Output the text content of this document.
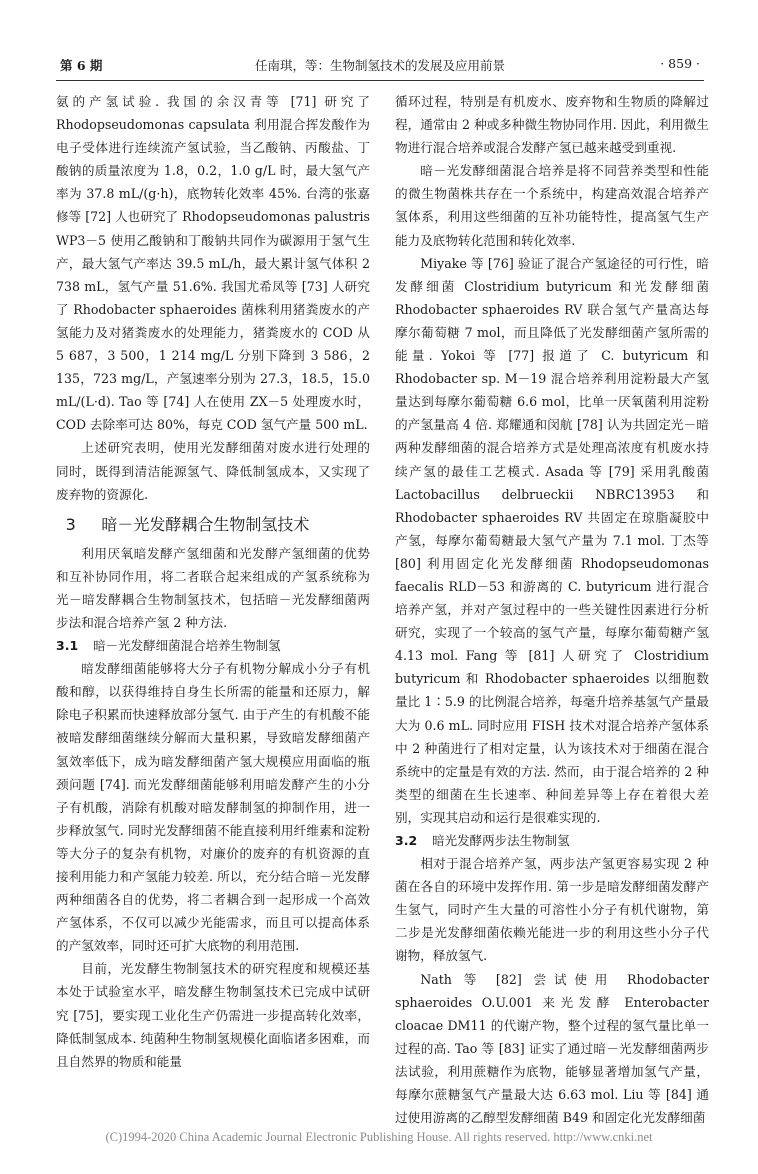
第 6 期	任南琪，等：生物制氢技术的发展及应用前景	· 859 ·

氨的产氢试验. 我国的余汉青等 [71] 研究了 Rhodopseudomonas capsulata 利用混合挥发酸作为电子受体进行连续流产氢试验，当乙酸钠、丙酸盐、丁酸钠的质量浓度为 1.8，0.2，1.0 g/L 时，最大氢气产率为 37.8 mL/(g·h)，底物转化效率 45%. 台湾的张嘉修等 [72] 人也研究了 Rhodopseudomonas palustris WP3－5 使用乙酸钠和丁酸钠共同作为碳源用于氢气生产，最大氢气产率达 39.5 mL/h，最大累计氢气体积 2 738 mL，氢气产量 51.6%. 我国尤希凤等 [73] 人研究了 Rhodobacter sphaeroides 菌株利用猪粪废水的产氢能力及对猪粪废水的处理能力，猪粪废水的 COD 从 5 687，3 500，1 214 mg/L 分别下降到 3 586，2 135，723 mg/L，产氢速率分别为 27.3，18.5，15.0 mL/(L·d). Tao 等 [74] 人在使用 ZX－5 处理废水时，COD 去除率可达 80%，每克 COD 氢气产量 500 mL.

上述研究表明，使用光发酵细菌对废水进行处理的同时，既得到清洁能源氢气、降低制氢成本，又实现了废弃物的资源化.

3 暗－光发酵耦合生物制氢技术

利用厌氧暗发酵产氢细菌和光发酵产氢细菌的优势和互补协同作用，将二者联合起来组成的产氢系统称为光－暗发酵耦合生物制氢技术，包括暗－光发酵细菌两步法和混合培养产氢 2 种方法.

3.1 暗－光发酵细菌混合培养生物制氢

暗发酵细菌能够将大分子有机物分解成小分子有机酸和醇，以获得维持自身生长所需的能量和还原力，解除电子积累而快速释放部分氢气. 由于产生的有机酸不能被暗发酵细菌继续分解而大量积累，导致暗发酵细菌产氢效率低下，成为暗发酵细菌产氢大规模应用面临的瓶颈问题 [74]. 而光发酵细菌能够利用暗发酵产生的小分子有机酸，消除有机酸对暗发酵制氢的抑制作用，进一步释放氢气. 同时光发酵细菌不能直接利用纤维素和淀粉等大分子的复杂有机物，对廉价的废弃的有机资源的直接利用能力和产氢能力较差. 所以，充分结合暗－光发酵两种细菌各自的优势，将二者耦合到一起形成一个高效产氢体系，不仅可以减少光能需求，而且可以提高体系的产氢效率，同时还可扩大底物的利用范围.

目前，光发酵生物制氢技术的研究程度和规模还基本处于试验室水平，暗发酵生物制氢技术已完成中试研究 [75]，要实现工业化生产仍需进一步提高转化效率，降低制氢成本. 纯菌种生物制氢规模化面临诸多困难，而且自然界的物质和能量

循环过程，特别是有机废水、废弃物和生物质的降解过程，通常由 2 种或多种微生物协同作用. 因此，利用微生物进行混合培养或混合发酵产氢已越来越受到重视.

暗－光发酵细菌混合培养是将不同营养类型和性能的微生物菌株共存在一个系统中，构建高效混合培养产氢体系，利用这些细菌的互补功能特性，提高氢气生产能力及底物转化范围和转化效率.

Miyake 等 [76] 验证了混合产氢途径的可行性，暗发酵细菌 Clostridium butyricum 和光发酵细菌 Rhodobacter sphaeroides RV 联合氢气产量高达每摩尔葡萄糖 7 mol，而且降低了光发酵细菌产氢所需的能量. Yokoi 等 [77] 报道了 C. butyricum 和 Rhodobacter sp. M－19 混合培养利用淀粉最大产氢量达到每摩尔葡萄糖 6.6 mol，比单一厌氧菌利用淀粉的产氢量高 4 倍. 郑耀通和闵航 [78] 认为共固定光－暗两种发酵细菌的混合培养方式是处理高浓度有机废水持续产氢的最佳工艺模式. Asada 等 [79] 采用乳酸菌 Lactobacillus delbrueckii NBRC13953 和 Rhodobacter sphaeroides RV 共固定在琼脂凝胶中产氢，每摩尔葡萄糖最大氢气产量为 7.1 mol. 丁杰等 [80] 利用固定化光发酵细菌 Rhodopseudomonas faecalis RLD－53 和游离的 C. butyricum 进行混合培养产氢，并对产氢过程中的一些关键性因素进行分析研究，实现了一个较高的氢气产量，每摩尔葡萄糖产氢 4.13 mol. Fang 等 [81] 人研究了 Clostridium butyricum 和 Rhodobacter sphaeroides 以细胞数量比 1∶5.9 的比例混合培养，每毫升培养基氢气产量最大为 0.6 mL. 同时应用 FISH 技术对混合培养产氢体系中 2 种菌进行了相对定量，认为该技术对于细菌在混合系统中的定量是有效的方法. 然而，由于混合培养的 2 种类型的细菌在生长速率、种间差异等上存在着很大差别，实现其启动和运行是很难实现的.

3.2 暗光发酵两步法生物制氢

相对于混合培养产氢，两步法产氢更容易实现 2 种菌在各自的环境中发挥作用. 第一步是暗发酵细菌发酵产生氢气，同时产生大量的可溶性小分子有机代谢物，第二步是光发酵细菌依赖光能进一步的利用这些小分子代谢物，释放氢气.

Nath 等 [82] 尝试使用 Rhodobacter sphaeroides O.U.001 来光发酵 Enterobacter cloacae DM11 的代谢产物，整个过程的氢气量比单一过程的高. Tao 等 [83] 证实了通过暗－光发酵细菌两步法试验，利用蔗糖作为底物，能够显著增加氢气产量，每摩尔蔗糖氢气产量最大达 6.63 mol. Liu 等 [84] 通过使用游离的乙醇型发酵细菌 B49 和固定化光发酵细菌

(C)1994-2020 China Academic Journal Electronic Publishing House. All rights reserved. http://www.cnki.net
